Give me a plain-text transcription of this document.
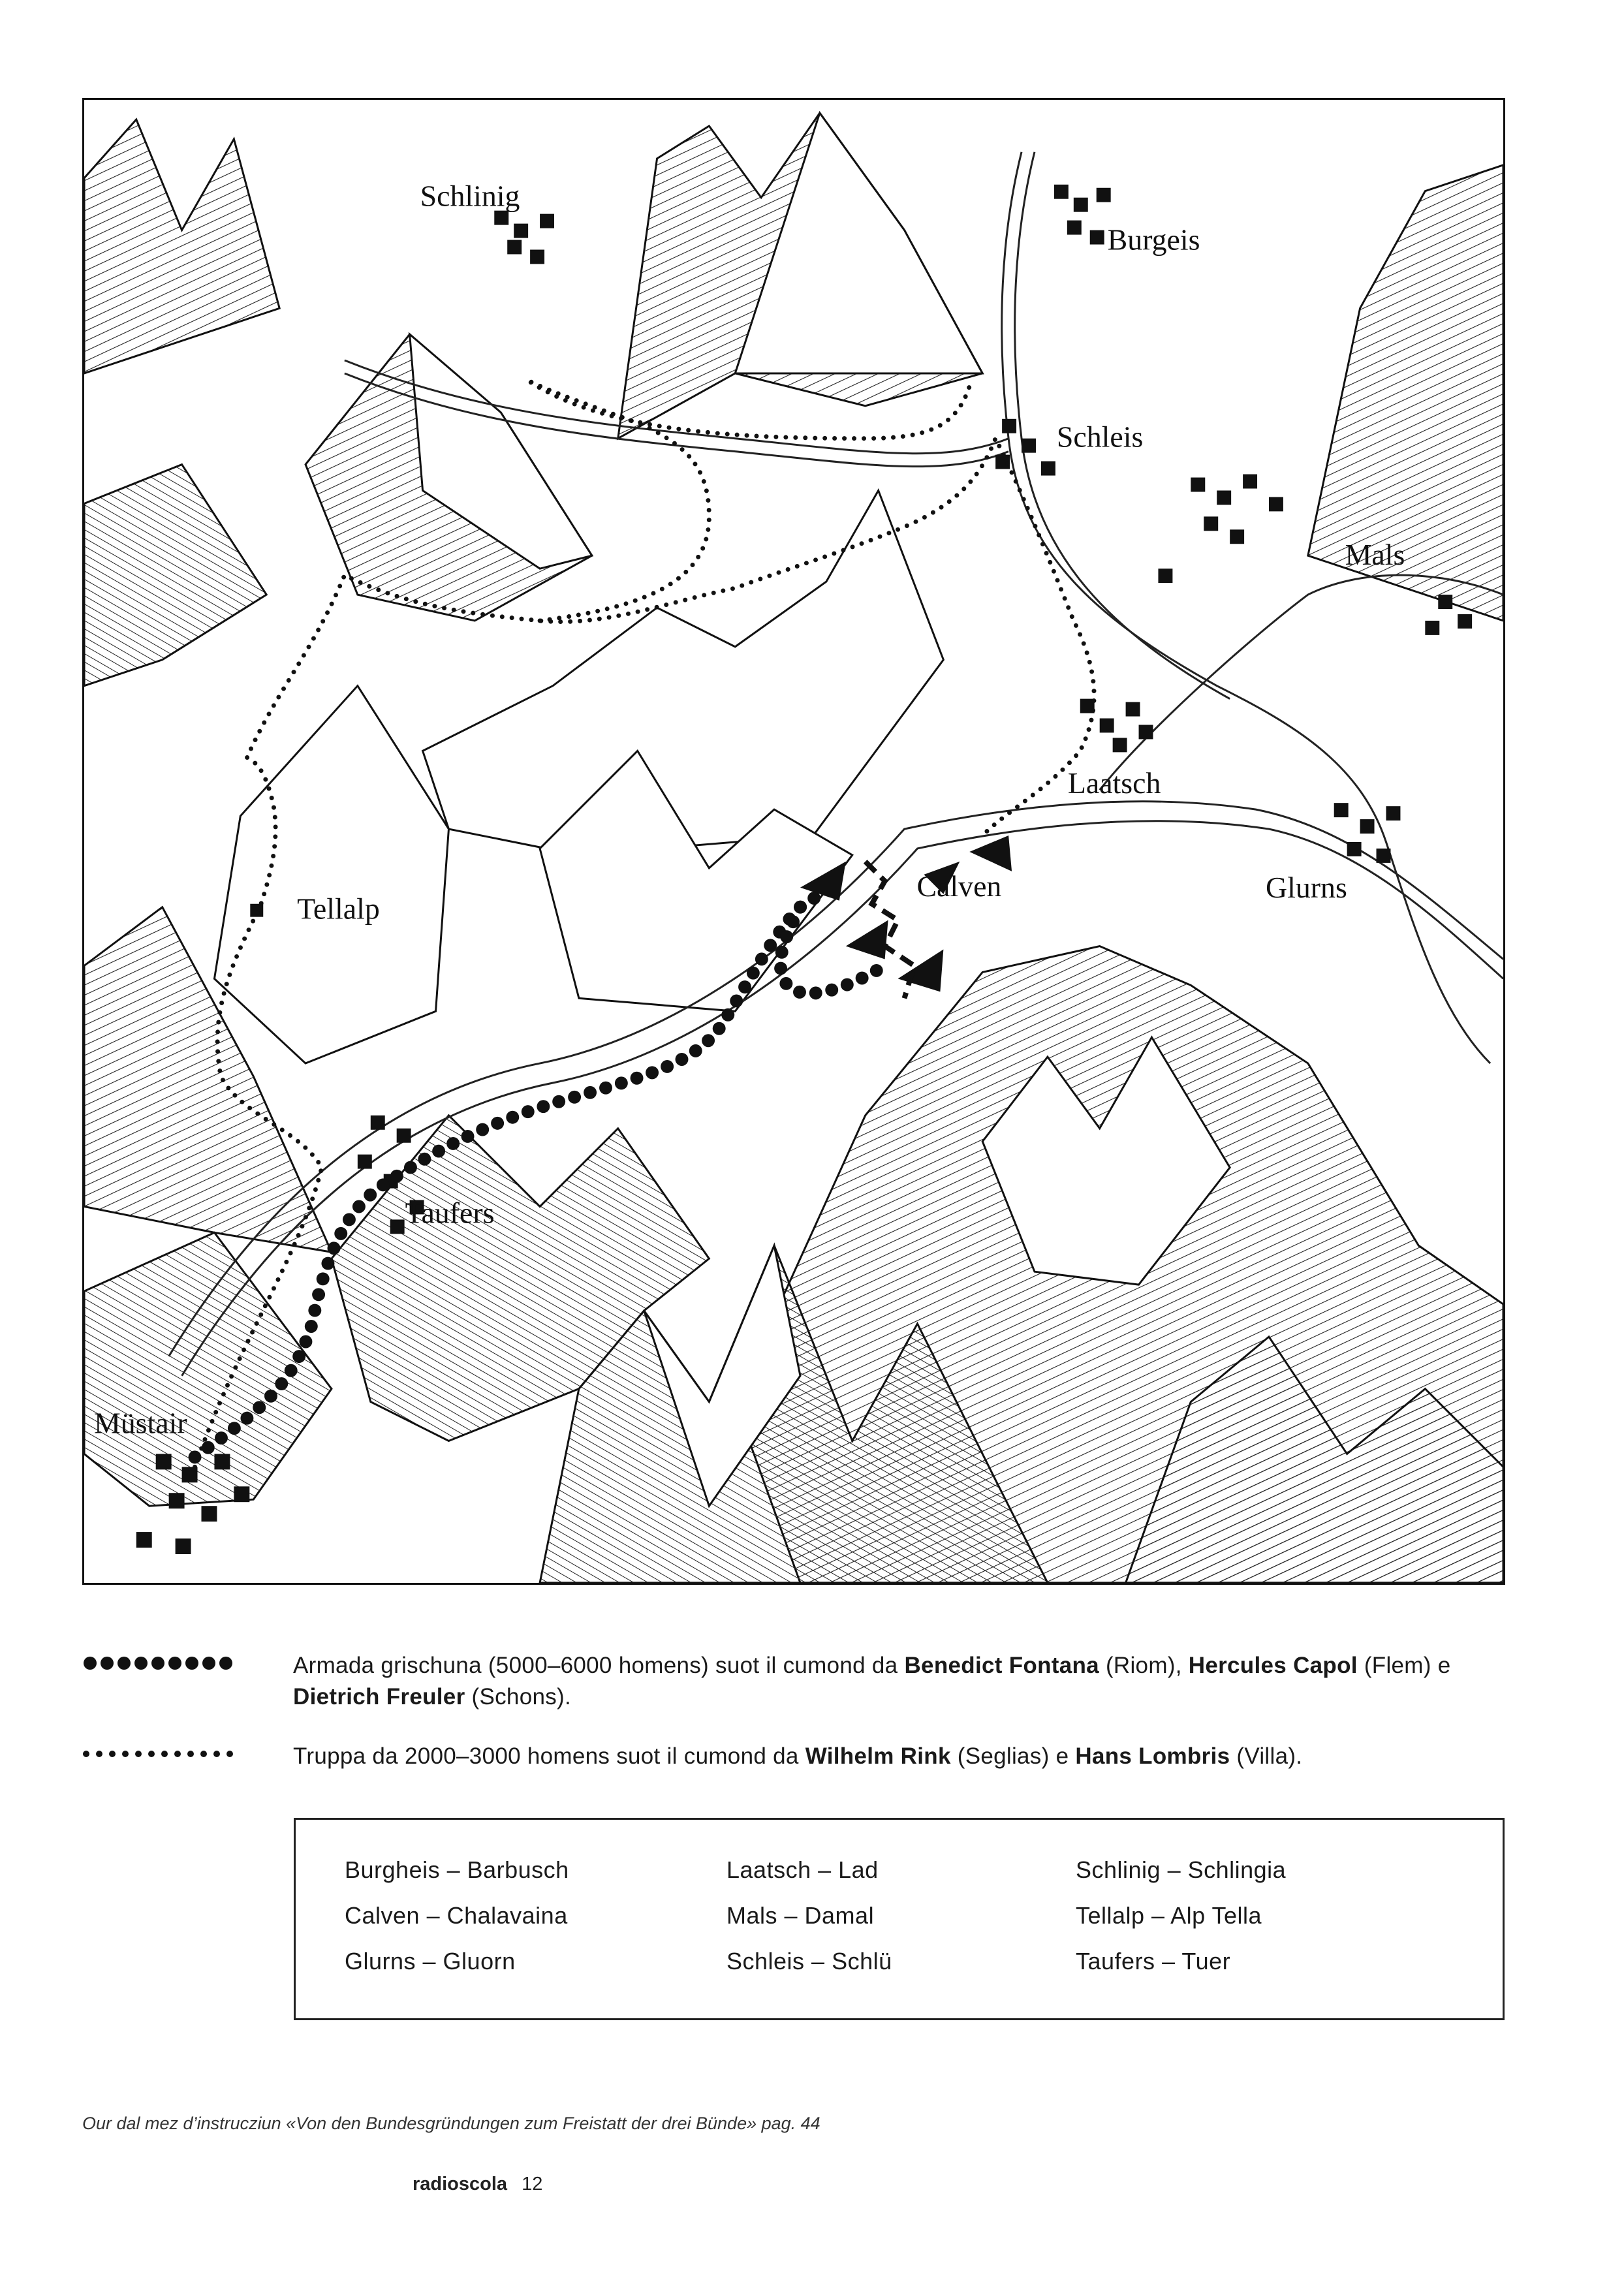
Schlinig
Burgeis
Schleis
Mals
Laatsch
Calven	Glurns
Tellalp
Taufers
Müstair
Armada grischuna (5000–6000 homens) suot il cumond da Benedict Fontana (Riom), Hercules Capol (Flem) e Dietrich Freuler (Schons).
Truppa da 2000–3000 homens suot il cumond da Wilhelm Rink (Seglias) e Hans Lombris (Villa).
Burgheis – Barbusch
Calven – Chalavaina
Glurns – Gluorn
Laatsch – Lad
Mals – Damal
Schleis – Schlü
Schlinig – Schlingia
Tellalp – Alp Tella
Taufers – Tuer
Our dal mez d’instrucziun «Von den Bundesgründungen zum Freistatt der drei Bünde» pag. 44
radioscola 12
